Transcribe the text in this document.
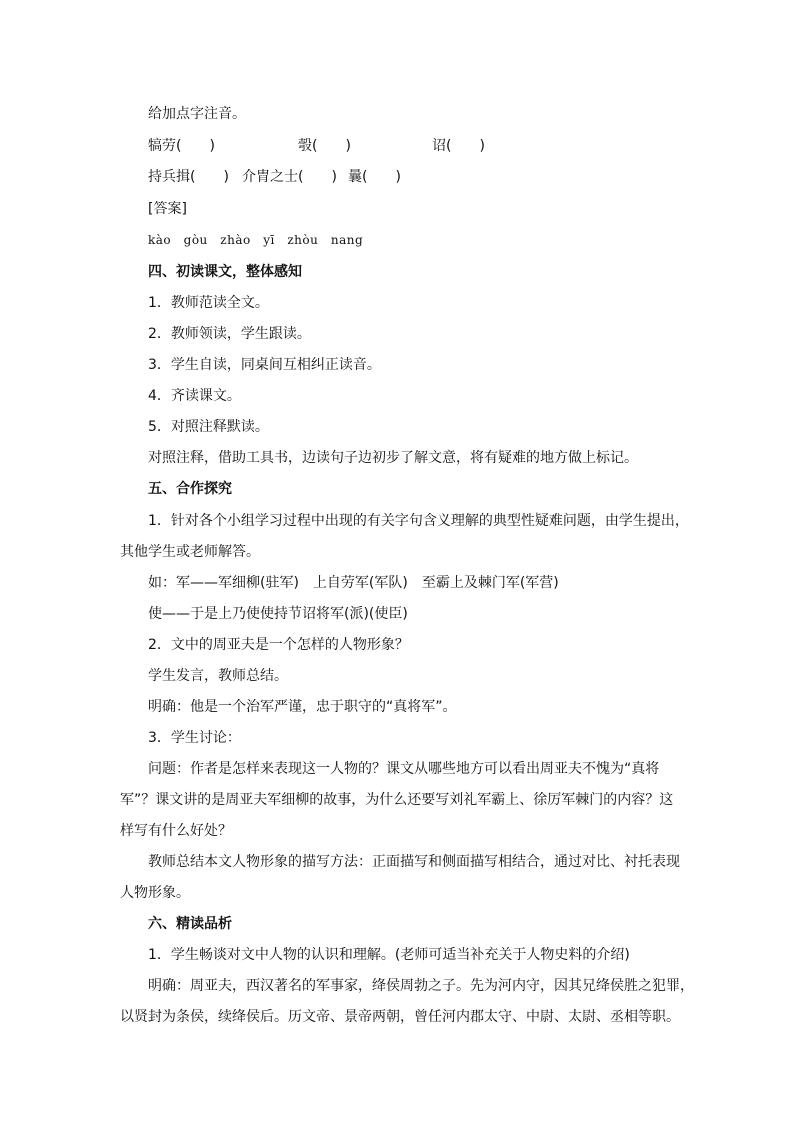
给加点字注音。
犒劳(　　)	彀(　　)	诏(　　)
持兵揖(　　) 介胄之士(　　) 曩(　　)
[答案]
kào　gòu　zhào　yī　zhòu　nang
四、初读课文，整体感知
1．教师范读全文。
2．教师领读，学生跟读。
3．学生自读，同桌间互相纠正读音。
4．齐读课文。
5．对照注释默读。
对照注释，借助工具书，边读句子边初步了解文意，将有疑难的地方做上标记。
五、合作探究
1．针对各个小组学习过程中出现的有关字句含义理解的典型性疑难问题，由学生提出，
其他学生或老师解答。
如：军——军细柳(驻军)　上自劳军(军队)　至霸上及棘门军(军营)
使——于是上乃使使持节诏将军(派)(使臣)
2．文中的周亚夫是一个怎样的人物形象？
学生发言，教师总结。
明确：他是一个治军严谨，忠于职守的“真将军”。
3．学生讨论：
问题：作者是怎样来表现这一人物的？课文从哪些地方可以看出周亚夫不愧为“真将
军”？课文讲的是周亚夫军细柳的故事，为什么还要写刘礼军霸上、徐厉军棘门的内容？这
样写有什么好处？
教师总结本文人物形象的描写方法：正面描写和侧面描写相结合，通过对比、衬托表现
人物形象。
六、精读品析
1．学生畅谈对文中人物的认识和理解。(老师可适当补充关于人物史料的介绍)
明确：周亚夫，西汉著名的军事家，绛侯周勃之子。先为河内守，因其兄绛侯胜之犯罪，
以贤封为条侯，续绛侯后。历文帝、景帝两朝，曾任河内郡太守、中尉、太尉、丞相等职。
